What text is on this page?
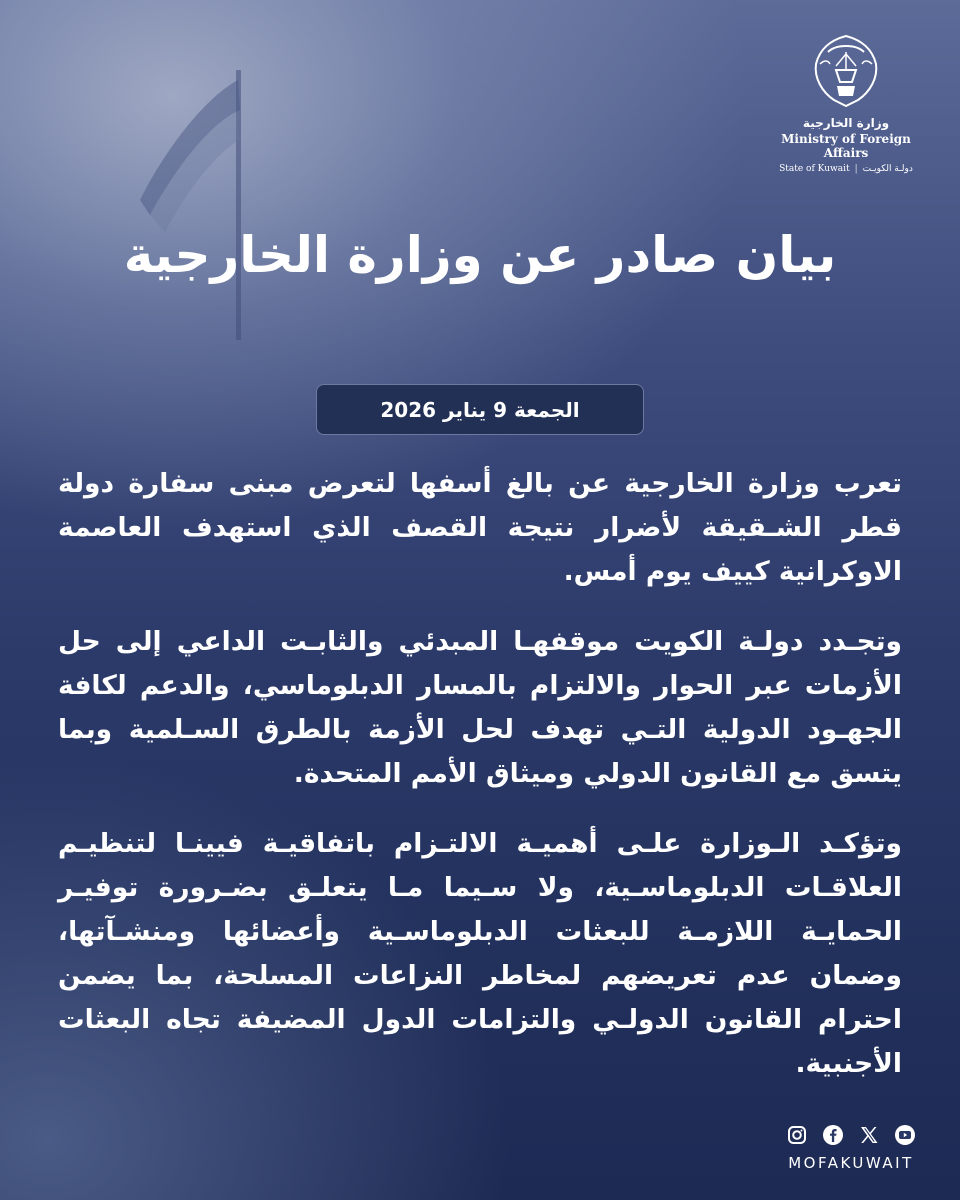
وزارة الخارجية
Ministry of Foreign Affairs
State of Kuwait | دولـة الكويـت
بيان صادر عن وزارة الخارجية
الجمعة 9 يناير 2026

تعرب وزارة الخارجية عن بالغ أسفها لتعرض مبنى سفارة دولة قطر الشـقيقة لأضرار نتيجة القصف الذي استهدف العاصمة الاوكرانية كييف يوم أمس.

وتجـدد دولـة الكويت موقفهـا المبدئي والثابـت الداعي إلى حل الأزمات عبر الحوار والالتزام بالمسار الدبلوماسي، والدعم لكافة الجهـود الدولية التـي تهدف لحل الأزمة بالطرق السـلمية وبما يتسق مع القانون الدولي وميثاق الأمم المتحدة.

وتؤكـد الـوزارة علـى أهميـة الالتـزام باتفاقيـة فيينـا لتنظيـم العلاقـات الدبلوماسـية، ولا سـيما مـا يتعلـق بضـرورة توفيـر الحمايـة اللازمـة للبعثات الدبلوماسـية وأعضائها ومنشـآتها، وضمان عدم تعريضهم لمخاطر النزاعات المسلحة، بما يضمن احترام القانون الدولـي والتزامات الدول المضيفة تجاه البعثات الأجنبية.

MOFAKUWAIT
